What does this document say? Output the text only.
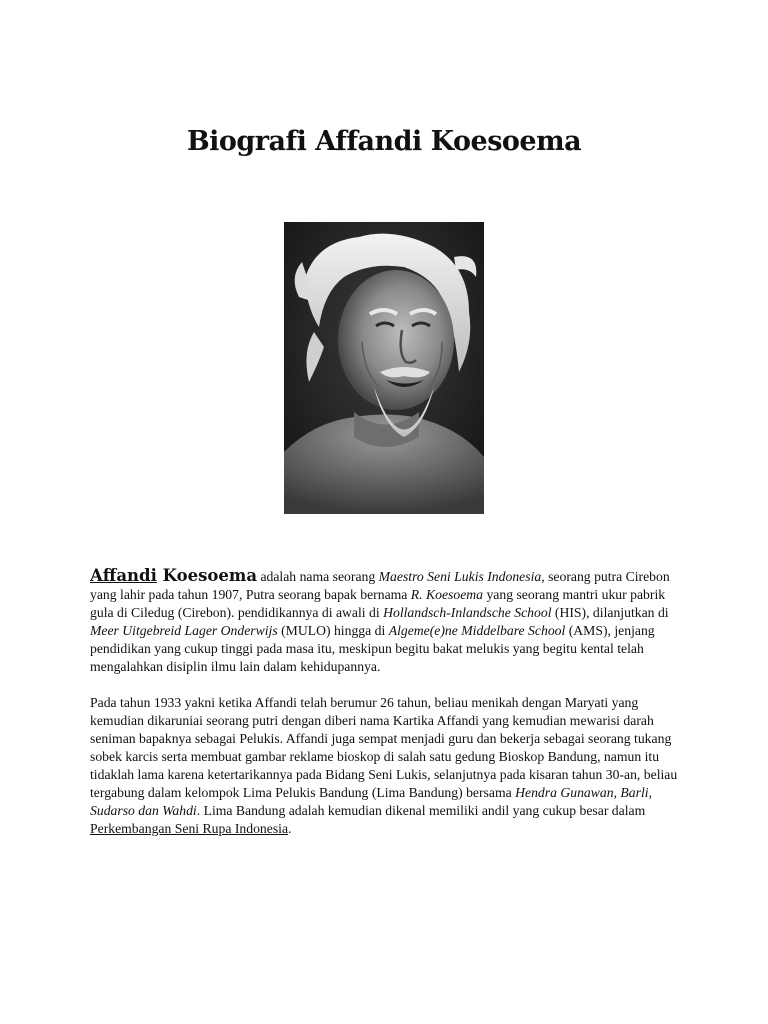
Biografi Affandi Koesoema

Affandi Koesoema adalah nama seorang Maestro Seni Lukis Indonesia, seorang putra Cirebon yang lahir pada tahun 1907, Putra seorang bapak bernama R. Koesoema yang seorang mantri ukur pabrik gula di Ciledug (Cirebon). pendidikannya di awali di Hollandsch-Inlandsche School (HIS), dilanjutkan di Meer Uitgebreid Lager Onderwijs (MULO) hingga di Algeme(e)ne Middelbare School (AMS), jenjang pendidikan yang cukup tinggi pada masa itu, meskipun begitu bakat melukis yang begitu kental telah mengalahkan disiplin ilmu lain dalam kehidupannya.

Pada tahun 1933 yakni ketika Affandi telah berumur 26 tahun, beliau menikah dengan Maryati yang kemudian dikaruniai seorang putri dengan diberi nama Kartika Affandi yang kemudian mewarisi darah seniman bapaknya sebagai Pelukis. Affandi juga sempat menjadi guru dan bekerja sebagai seorang tukang sobek karcis serta membuat gambar reklame bioskop di salah satu gedung Bioskop Bandung, namun itu tidaklah lama karena ketertarikannya pada Bidang Seni Lukis, selanjutnya pada kisaran tahun 30-an, beliau tergabung dalam kelompok Lima Pelukis Bandung (Lima Bandung) bersama Hendra Gunawan, Barli, Sudarso dan Wahdi. Lima Bandung adalah kemudian dikenal memiliki andil yang cukup besar dalam Perkembangan Seni Rupa Indonesia.
